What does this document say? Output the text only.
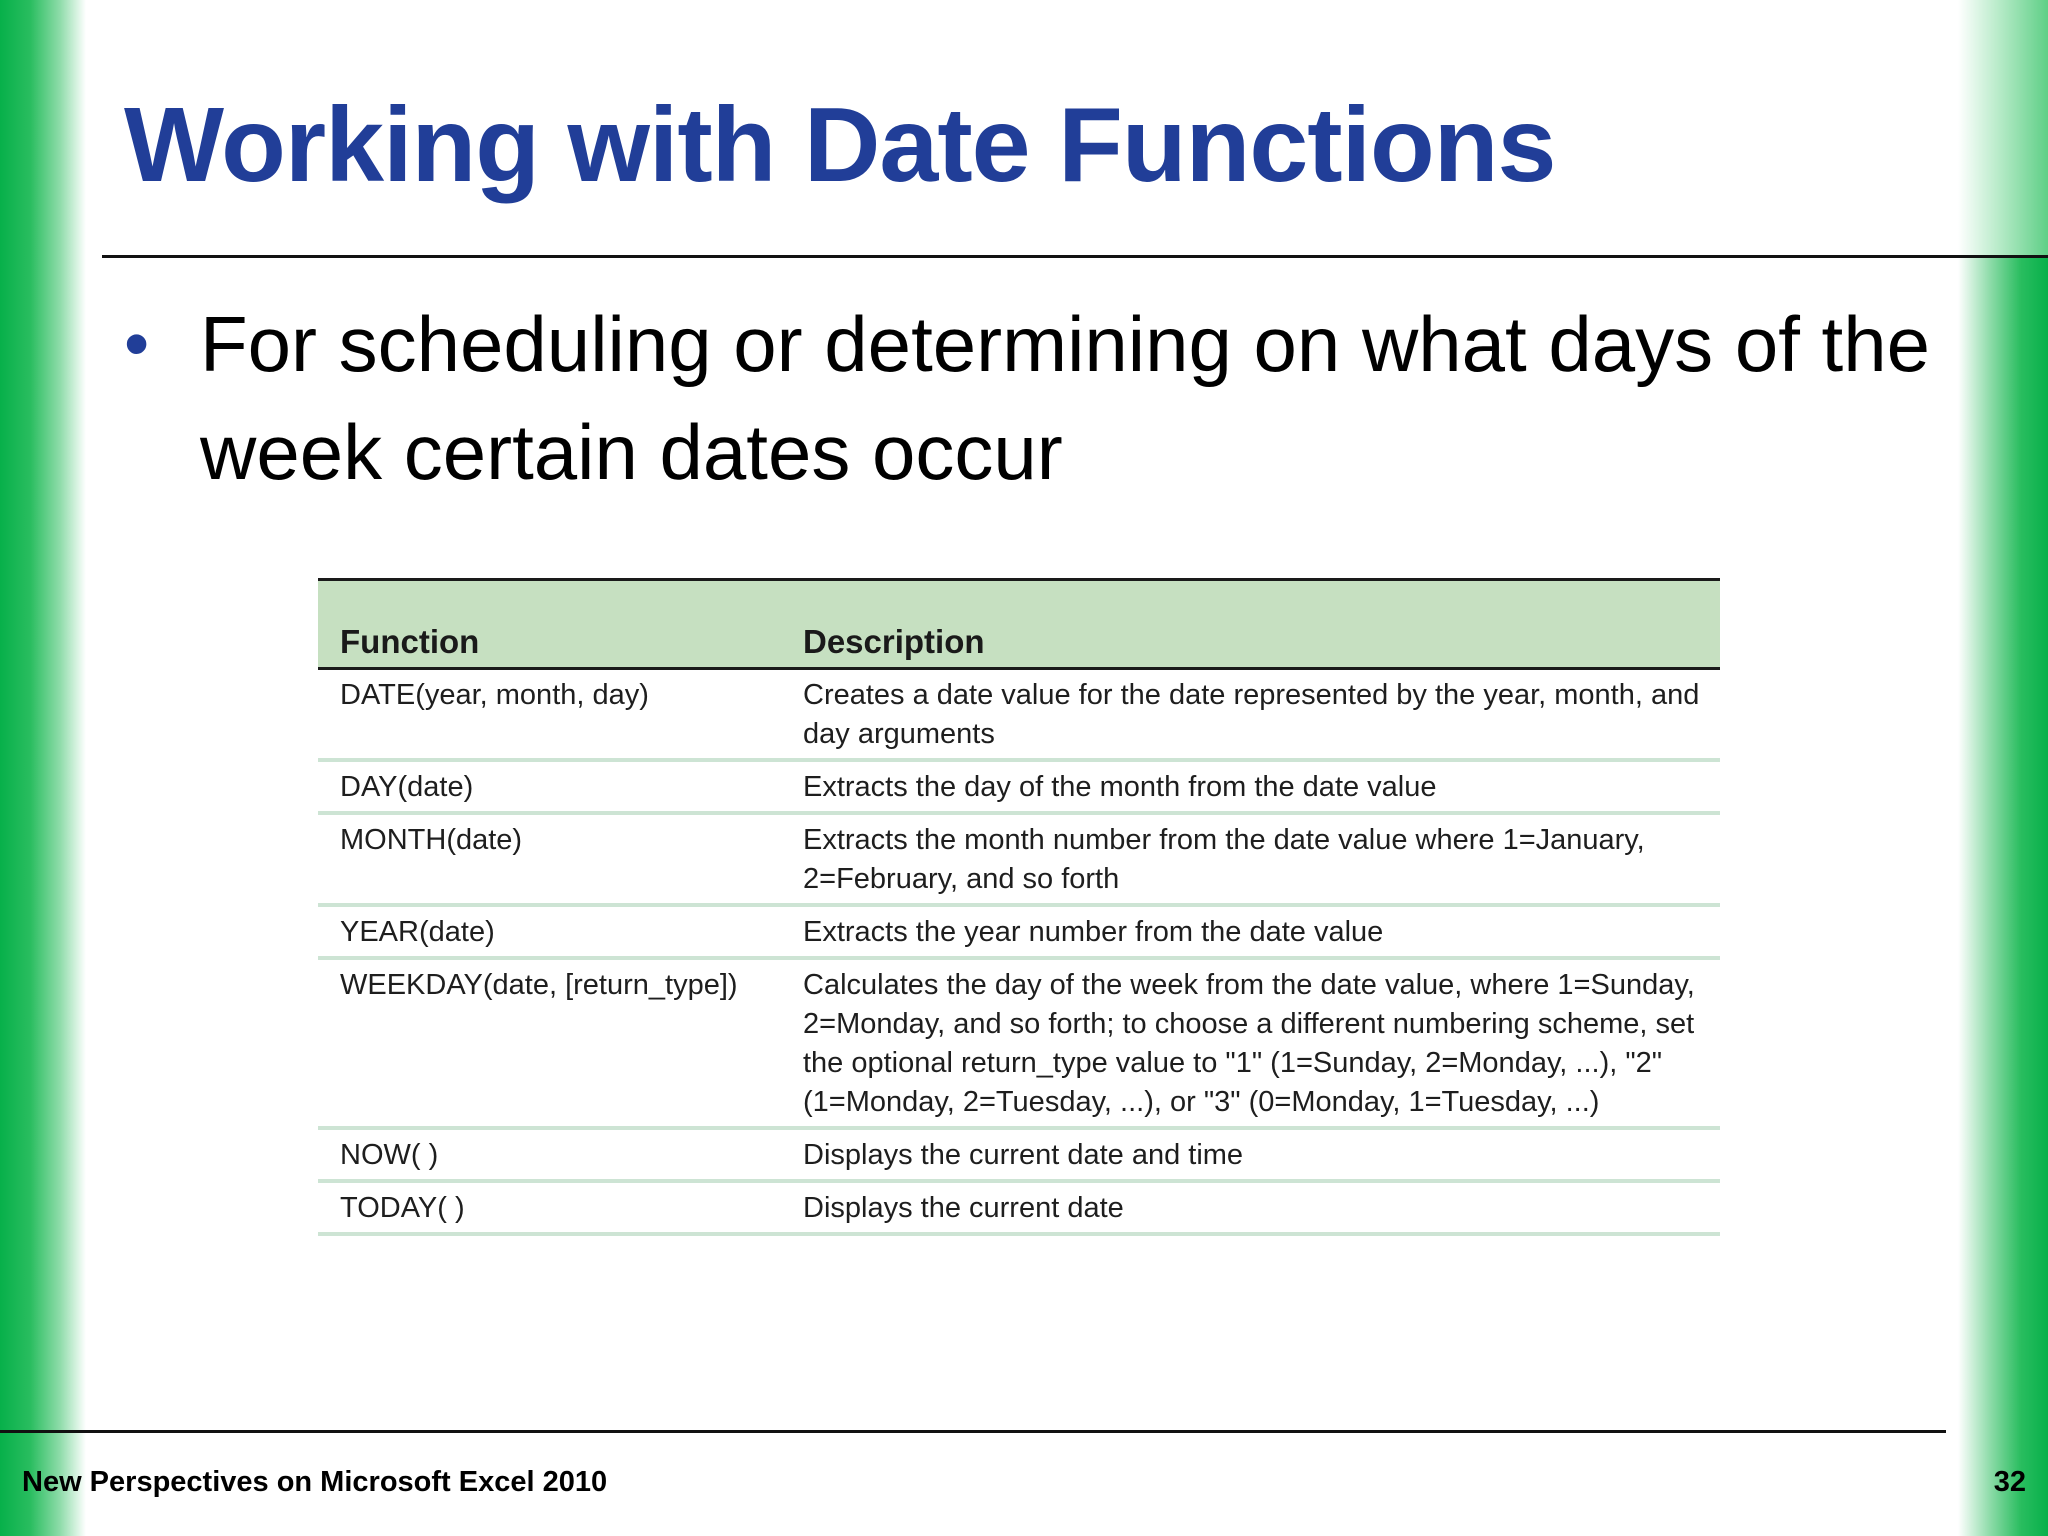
Working with Date Functions
• For scheduling or determining on what days of the week certain dates occur
Function	Description
DATE(year, month, day)	Creates a date value for the date represented by the year, month, and day arguments
DAY(date)	Extracts the day of the month from the date value
MONTH(date)	Extracts the month number from the date value where 1=January, 2=February, and so forth
YEAR(date)	Extracts the year number from the date value
WEEKDAY(date, [return_type])	Calculates the day of the week from the date value, where 1=Sunday, 2=Monday, and so forth; to choose a different numbering scheme, set the optional return_type value to "1" (1=Sunday, 2=Monday, ...), "2" (1=Monday, 2=Tuesday, ...), or "3" (0=Monday, 1=Tuesday, ...)
NOW( )	Displays the current date and time
TODAY( )	Displays the current date
New Perspectives on Microsoft Excel 2010	32
